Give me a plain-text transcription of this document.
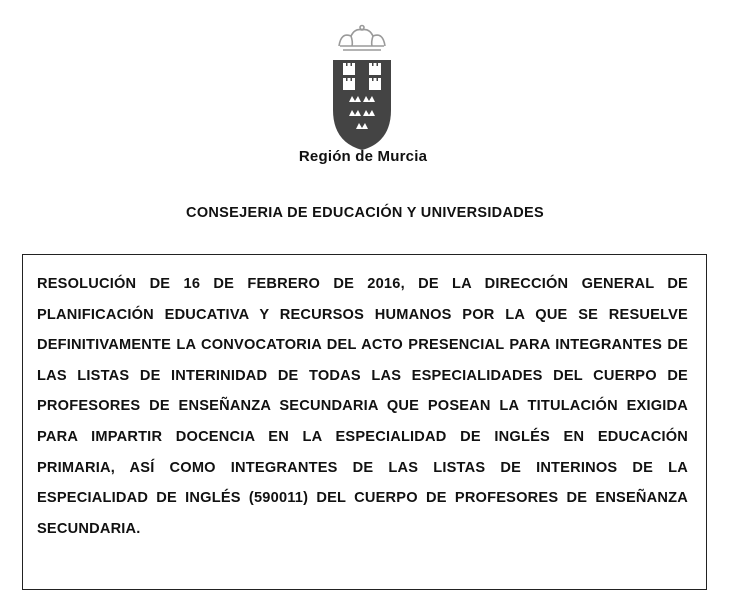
Región de Murcia
CONSEJERIA DE EDUCACIÓN Y UNIVERSIDADES

RESOLUCIÓN DE 16 DE FEBRERO DE 2016, DE LA DIRECCIÓN GENERAL DE PLANIFICACIÓN EDUCATIVA Y RECURSOS HUMANOS POR LA QUE SE RESUELVE DEFINITIVAMENTE LA CONVOCATORIA DEL ACTO PRESENCIAL PARA INTEGRANTES DE LAS LISTAS DE INTERINIDAD DE TODAS LAS ESPECIALIDADES DEL CUERPO DE PROFESORES DE ENSEÑANZA SECUNDARIA QUE POSEAN LA TITULACIÓN EXIGIDA PARA IMPARTIR DOCENCIA EN LA ESPECIALIDAD DE INGLÉS EN EDUCACIÓN PRIMARIA, ASÍ COMO INTEGRANTES DE LAS LISTAS DE INTERINOS DE LA ESPECIALIDAD DE INGLÉS (590011) DEL CUERPO DE PROFESORES DE ENSEÑANZA SECUNDARIA.
